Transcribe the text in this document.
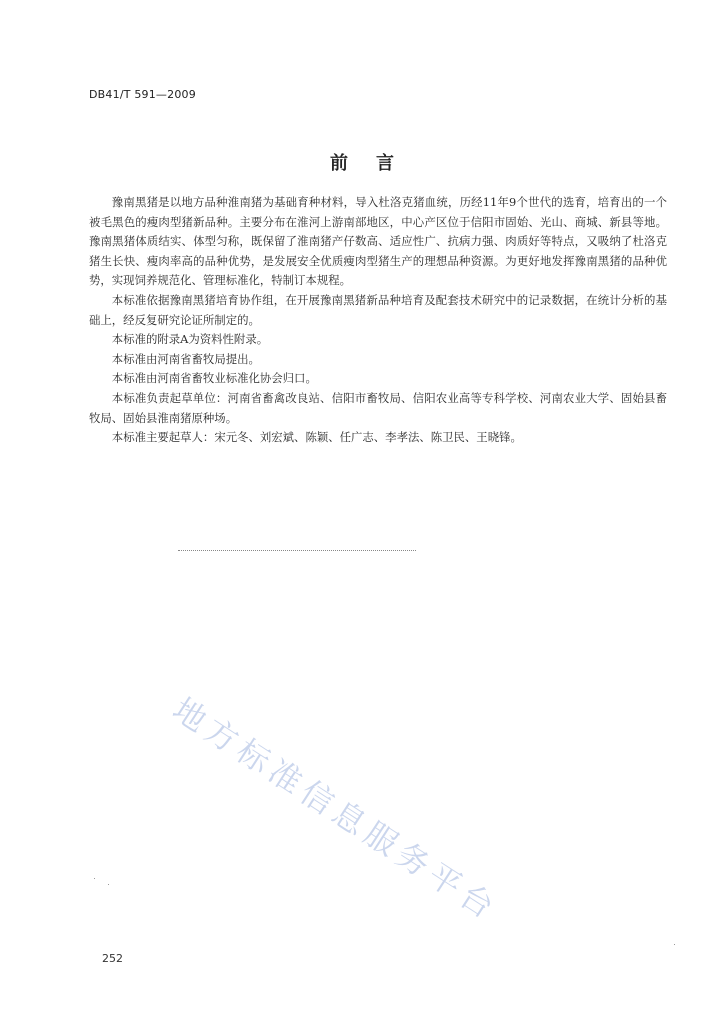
DB41/T 591—2009
前言

豫南黑猪是以地方品种淮南猪为基础育种材料，导入杜洛克猪血统，历经11年9个世代的选育，培育出的一个被毛黑色的瘦肉型猪新品种。主要分布在淮河上游南部地区，中心产区位于信阳市固始、光山、商城、新县等地。豫南黑猪体质结实、体型匀称，既保留了淮南猪产仔数高、适应性广、抗病力强、肉质好等特点，又吸纳了杜洛克猪生长快、瘦肉率高的品种优势，是发展安全优质瘦肉型猪生产的理想品种资源。为更好地发挥豫南黑猪的品种优势，实现饲养规范化、管理标准化，特制订本规程。

本标准依据豫南黑猪培育协作组，在开展豫南黑猪新品种培育及配套技术研究中的记录数据，在统计分析的基础上，经反复研究论证所制定的。

本标准的附录A为资料性附录。

本标准由河南省畜牧局提出。

本标准由河南省畜牧业标准化协会归口。

本标准负责起草单位：河南省畜禽改良站、信阳市畜牧局、信阳农业高等专科学校、河南农业大学、固始县畜牧局、固始县淮南猪原种场。

本标准主要起草人：宋元冬、刘宏斌、陈颖、任广志、李孝法、陈卫民、王晓锋。

地方标准信息服务平台
252
